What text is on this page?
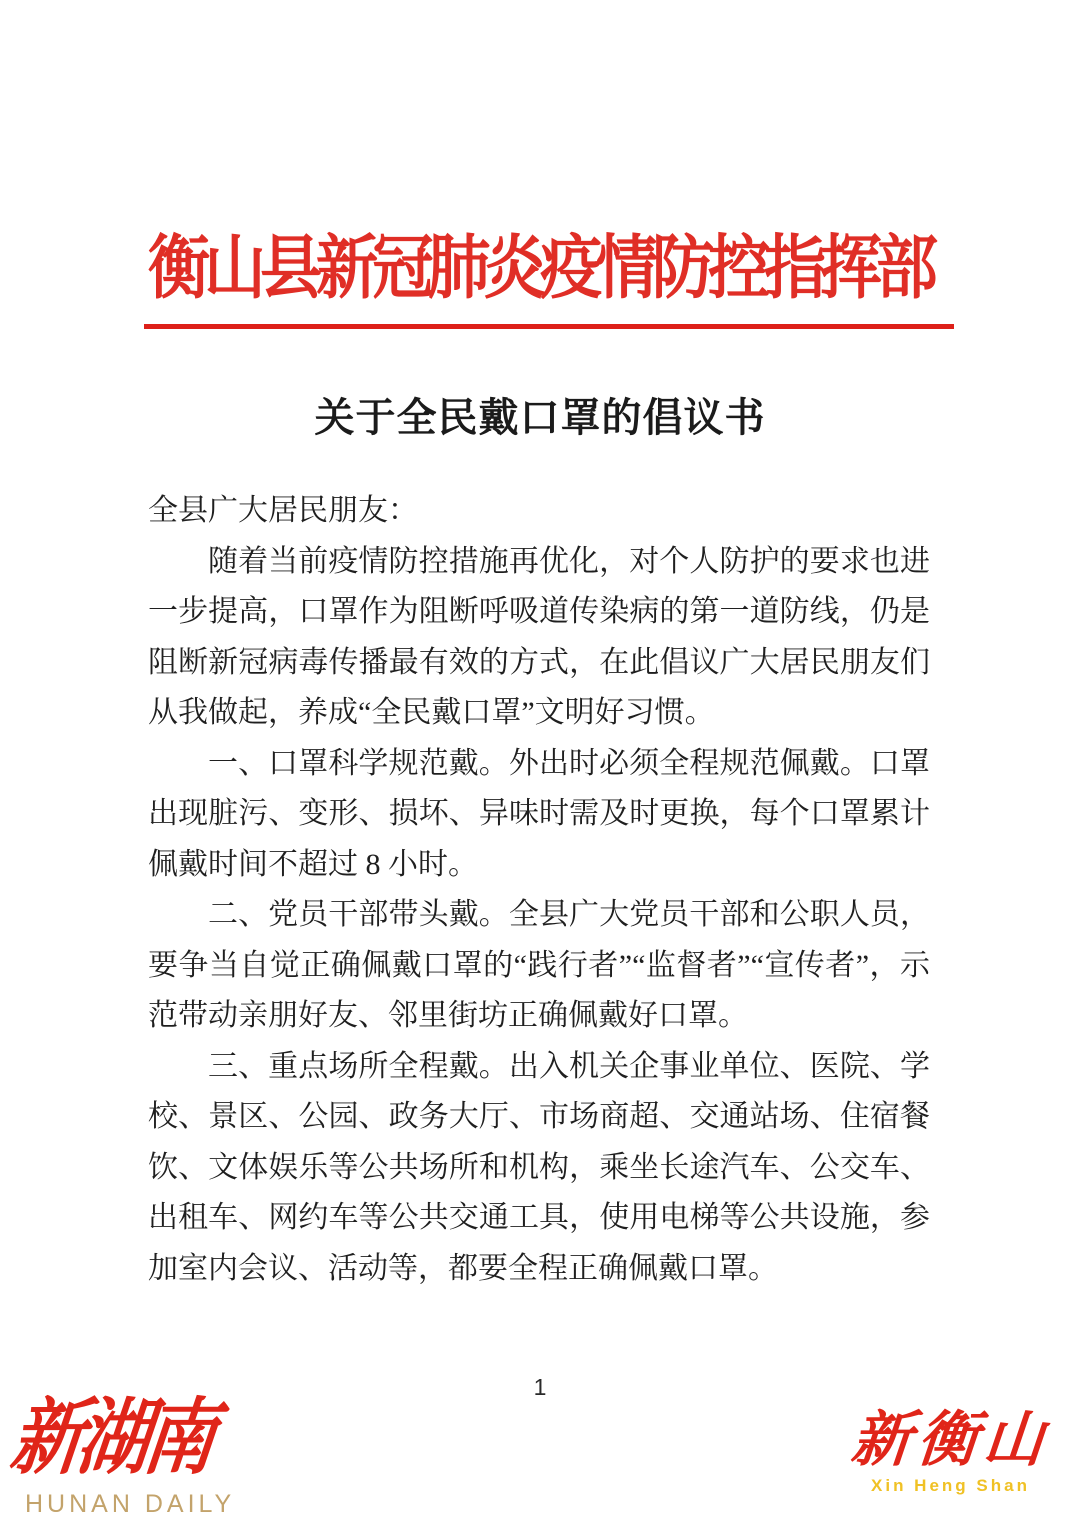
衡山县新冠肺炎疫情防控指挥部
关于全民戴口罩的倡议书

全县广大居民朋友：

随着当前疫情防控措施再优化，对个人防护的要求也进一步提高，口罩作为阻断呼吸道传染病的第一道防线，仍是阻断新冠病毒传播最有效的方式，在此倡议广大居民朋友们从我做起，养成“全民戴口罩”文明好习惯。

一、口罩科学规范戴。外出时必须全程规范佩戴。口罩出现脏污、变形、损坏、异味时需及时更换，每个口罩累计佩戴时间不超过 8 小时。

二、党员干部带头戴。全县广大党员干部和公职人员，要争当自觉正确佩戴口罩的“践行者”“监督者”“宣传者”，示范带动亲朋好友、邻里街坊正确佩戴好口罩。

三、重点场所全程戴。出入机关企事业单位、医院、学校、景区、公园、政务大厅、市场商超、交通站场、住宿餐饮、文体娱乐等公共场所和机构，乘坐长途汽车、公交车、出租车、网约车等公共交通工具，使用电梯等公共设施，参加室内会议、活动等，都要全程正确佩戴口罩。

1
新湖南
HUNAN DAILY
新衡山
Xin Heng Shan
